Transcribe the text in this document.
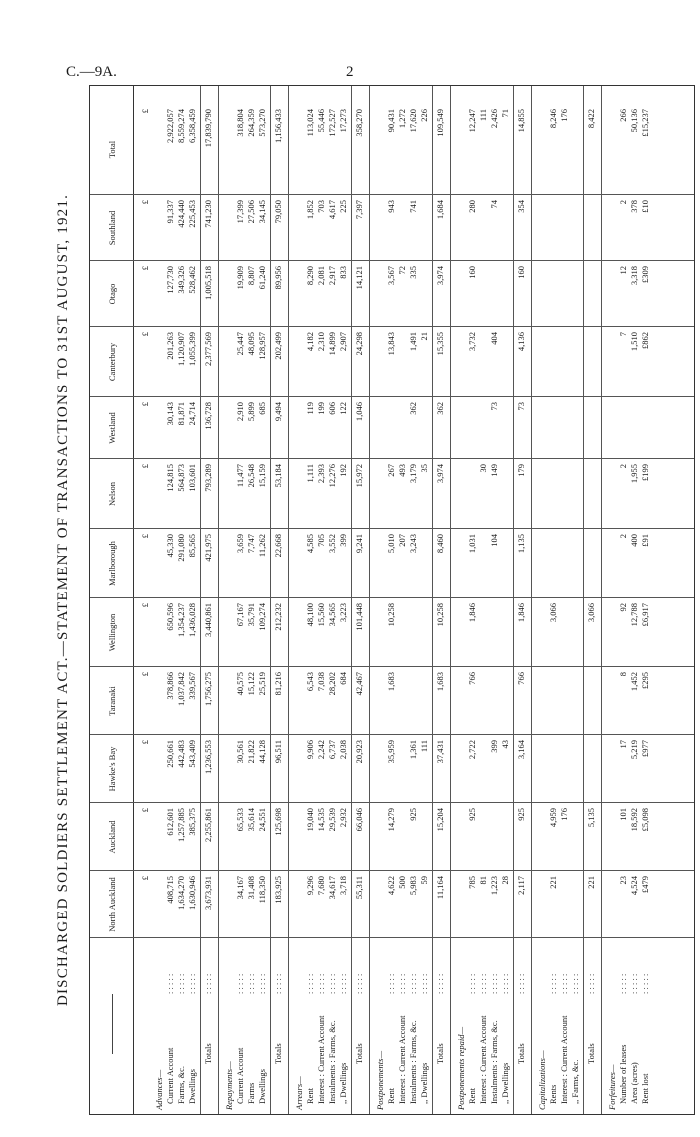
C.—9A.	2
DISCHARGED SOLDIERS SETTLEMENT ACT.—STATEMENT OF TRANSACTIONS TO 31ST AUGUST, 1921.	North Auckland
Auckland
Hawke's Bay
Taranaki
Wellington
Marlborough
Nelson
Westland
Canterbury
Otago
Southland
Total
£
£
£
£
£
£
£
£
£
£
£
£
Advances— Current Account
: : : : :
408,715
612,601
250,661
378,866
650,596
45,330
124,815
30,143
201,263
127,730
91,337
2,922,057
Farms, &c.
: : : : :
1,634,270
1,257,885
442,483
1,037,842
1,354,237
291,080
564,873
81,871
1,120,907
349,326
424,440
8,559,274
Dwellings
: : : : :
1,630,946
385,375
543,409
339,567
1,436,028
85,565
103,601
24,714
1,055,399
528,462
225,453
6,358,459
Totals
: : : : :
3,673,931
2,255,861
1,236,553
1,756,275
3,440,861
421,975
793,289
136,728
2,377,569
1,005,518
741,230
17,839,790
Repayments— Current Account
: : : : :
34,167
65,533
30,561
40,575
67,167
3,659
11,477
2,910
25,447
19,909
17,399
318,804
Farms
: : : : :
31,408
35,614
21,822
15,122
35,791
7,747
26,548
5,899
48,095
8,807
27,506
264,359
Dwellings
: : : : :
118,350
24,551
44,128
25,519
109,274
11,262
15,159
685
128,957
61,240
34,145
573,270
Totals
: : : : :
183,925
125,698
96,511
81,216
212,232
22,668
53,184
9,494
202,499
89,956
79,050
1,156,433
Arrears— Rent
: : : : :
9,296
19,040
9,906
6,543
48,100
4,585
1,111
119
4,182
8,290
1,852
113,024
Interest : Current Account
: : : : :
7,680
14,535
2,242
7,038
15,560
705
2,393
199
2,310
2,081
703
55,446
Instalments : Farms, &c.
: : : : :
34,617
29,539
6,737
28,202
34,565
3,552
12,276
606
14,899
2,917
4,617
172,527
,, Dwellings
: : : : :
3,718
2,932
2,038
684
3,223
399
192
122
2,907
833
225
17,273
Totals
: : : : :
55,311
66,046
20,923
42,467
101,448
9,241
15,972
1,046
24,298
14,121
7,397
358,270
Postponements— Rent
: : : : :
4,622
14,279
35,959
1,683
10,258
5,010
267
13,843
3,567
943
90,431
Interest : Current Account
: : : : :
500
207
493
72
1,272
Instalments : Farms, &c.
: : : : :
5,983
925
1,361
3,243
3,179
362
1,491
335
741
17,620
,, Dwellings
: : : : :
59
111
35
21
226
Totals
: : : : :
11,164
15,204
37,431
1,683
10,258
8,460
3,974
362
15,355
3,974
1,684
109,549
Postponements repaid— Rent
: : : : :
785
925
2,722
766
1,846
1,031
3,732
160
280
12,247
Interest : Current Account
: : : : :
81
30
111
Instalments : Farms, &c.
: : : : :
1,223
399
104
149
73
404
74
2,426
,, Dwellings
: : : : :
28
43
71
Totals
: : : : :
2,117
925
3,164
766
1,846
1,135
179
73
4,136
160
354
14,855
Capitalizations— Rents
: : : : :
221
4,959
3,066
8,246
Interest : Current Account
: : : : :
176
176
,, Farms, &c.
: : : : :
Totals
: : : : :
221
5,135
3,066
8,422
Forfeitures— Number of leases
: : : : :
23
101
17
8
92
2
2
7
12
2
266
Area (acres)
: : : : :
4,524
18,592
5,219
1,452
12,788
400
1,955
1,510
3,318
378
50,136
Rent lost
: : : : :
£479
£5,098
£977
£295
£6,917
£91
£199
£862
£309
£10
£15,237
